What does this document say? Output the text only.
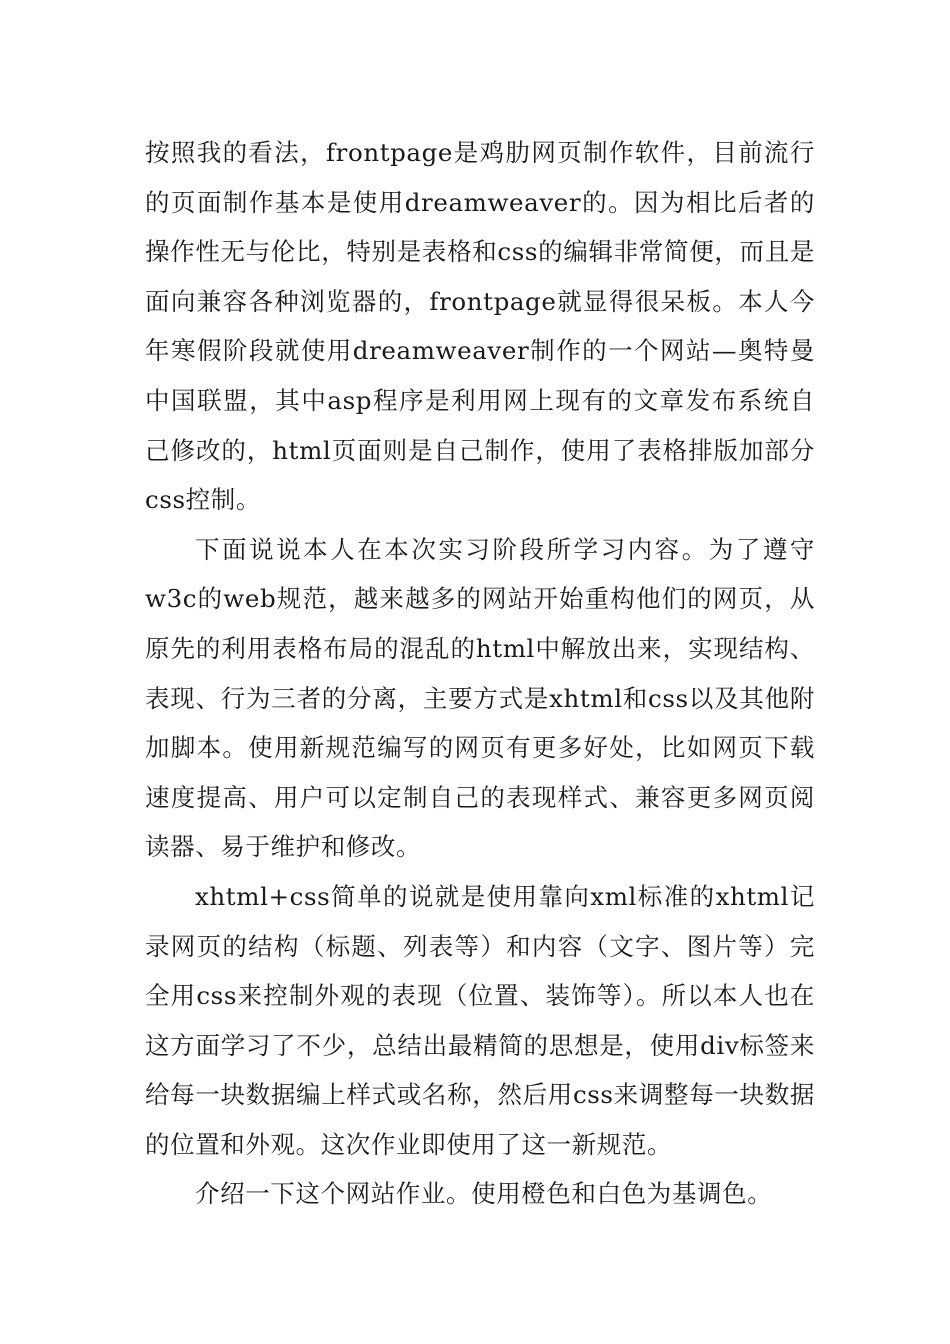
按照我的看法，frontpage是鸡肋网页制作软件，目前流行的页面制作基本是使用dreamweaver的。因为相比后者的操作性无与伦比，特别是表格和css的编辑非常简便，而且是面向兼容各种浏览器的，frontpage就显得很呆板。本人今年寒假阶段就使用dreamweaver制作的一个网站—奥特曼中国联盟，其中asp程序是利用网上现有的文章发布系统自己修改的，html页面则是自己制作，使用了表格排版加部分css控制。

下面说说本人在本次实习阶段所学习内容。为了遵守w3c的web规范，越来越多的网站开始重构他们的网页，从原先的利用表格布局的混乱的html中解放出来，实现结构、表现、行为三者的分离，主要方式是xhtml和css以及其他附加脚本。使用新规范编写的网页有更多好处，比如网页下载速度提高、用户可以定制自己的表现样式、兼容更多网页阅读器、易于维护和修改。

xhtml+css简单的说就是使用靠向xml标准的xhtml记录网页的结构（标题、列表等）和内容（文字、图片等）完全用css来控制外观的表现（位置、装饰等）。所以本人也在这方面学习了不少，总结出最精简的思想是，使用div标签来给每一块数据编上样式或名称，然后用css来调整每一块数据的位置和外观。这次作业即使用了这一新规范。

介绍一下这个网站作业。使用橙色和白色为基调色。
